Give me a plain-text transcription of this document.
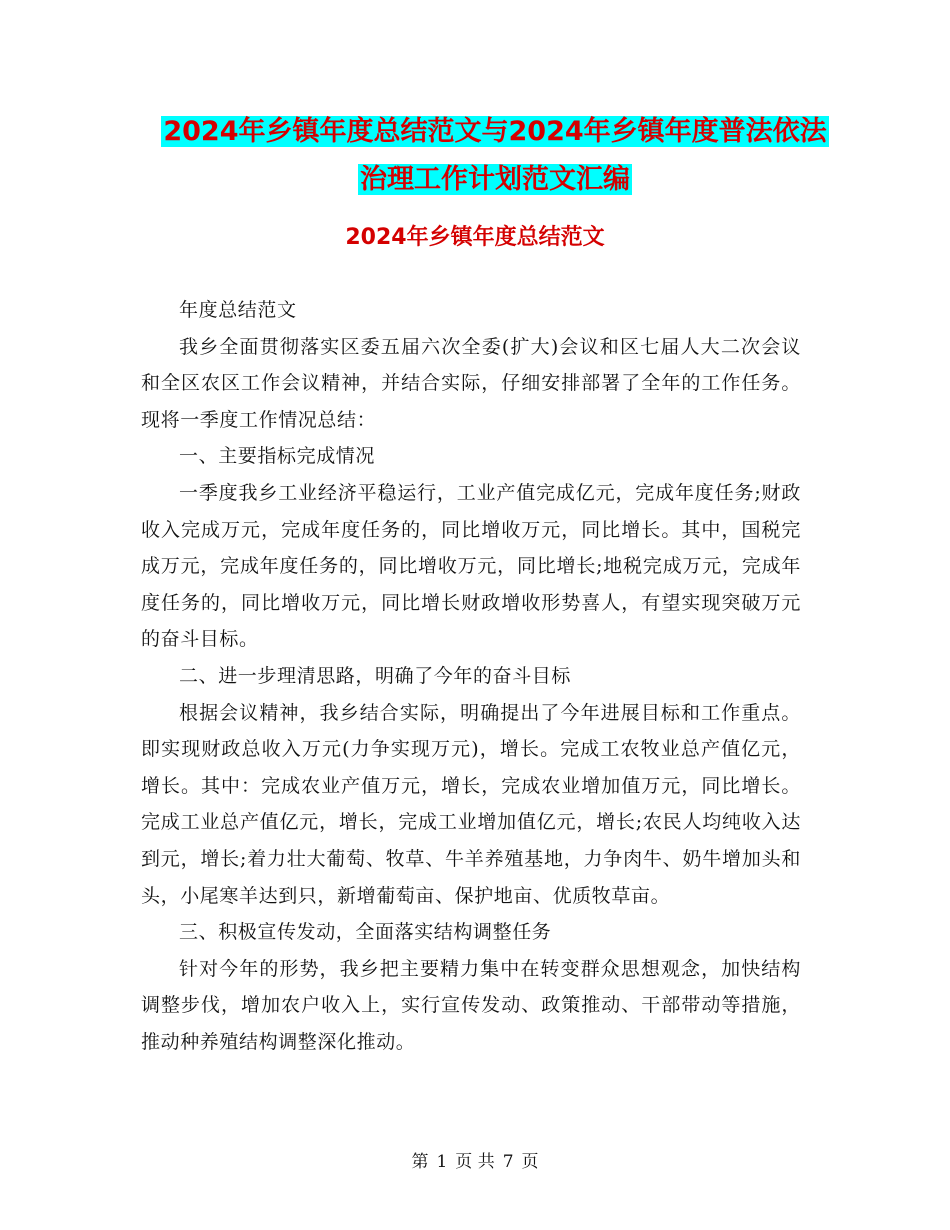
2024年乡镇年度总结范文与2024年乡镇年度普法依法
治理工作计划范文汇编
2024年乡镇年度总结范文

年度总结范文

我乡全面贯彻落实区委五届六次全委(扩大)会议和区七届人大二次会议和全区农区工作会议精神，并结合实际，仔细安排部署了全年的工作任务。现将一季度工作情况总结：

一、主要指标完成情况

一季度我乡工业经济平稳运行，工业产值完成亿元，完成年度任务;财政收入完成万元，完成年度任务的，同比增收万元，同比增长。其中，国税完成万元，完成年度任务的，同比增收万元，同比增长;地税完成万元，完成年度任务的，同比增收万元，同比增长财政增收形势喜人，有望实现突破万元的奋斗目标。

二、进一步理清思路，明确了今年的奋斗目标

根据会议精神，我乡结合实际，明确提出了今年进展目标和工作重点。即实现财政总收入万元(力争实现万元)，增长。完成工农牧业总产值亿元，增长。其中：完成农业产值万元，增长，完成农业增加值万元，同比增长。完成工业总产值亿元，增长，完成工业增加值亿元，增长;农民人均纯收入达到元，增长;着力壮大葡萄、牧草、牛羊养殖基地，力争肉牛、奶牛增加头和头，小尾寒羊达到只，新增葡萄亩、保护地亩、优质牧草亩。

三、积极宣传发动，全面落实结构调整任务

针对今年的形势，我乡把主要精力集中在转变群众思想观念，加快结构调整步伐，增加农户收入上，实行宣传发动、政策推动、干部带动等措施，推动种养殖结构调整深化推动。

第 1 页 共 7 页
